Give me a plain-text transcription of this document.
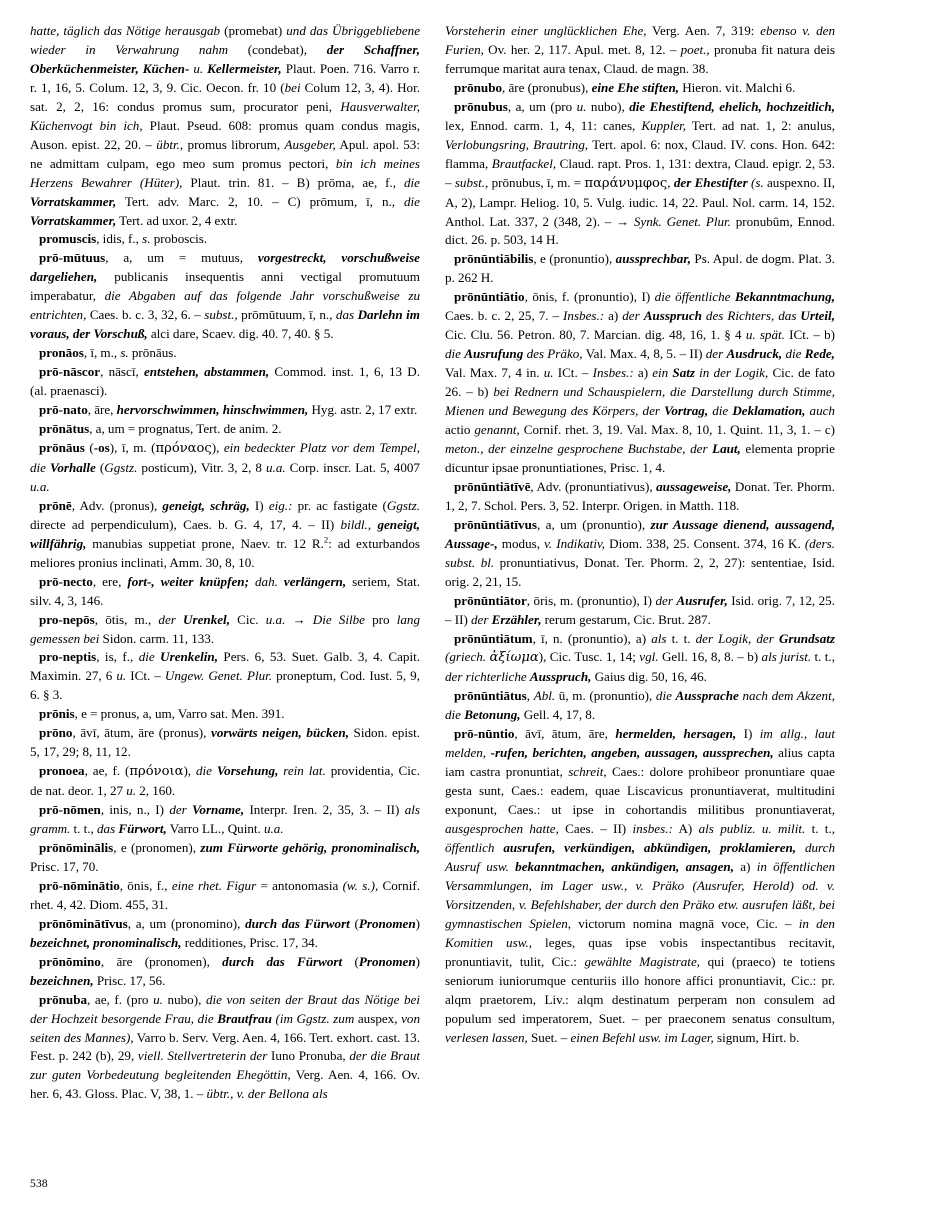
hatte, täglich das Nötige herausgab (promebat) und das Übriggebliebene wieder in Verwahrung nahm (condebat), der Schaffner, Oberküchenmeister, Küchen- u. Kellermeister, Plaut. Poen. 716. Varro r. r. 1, 16, 5. Colum. 12, 3, 9. Cic. Oecon. fr. 10 (bei Colum 12, 3, 4). Hor. sat. 2, 2, 16: condus promus sum, procurator peni, Hausverwalter, Küchenvogt bin ich, Plaut. Pseud. 608: promus quam condus magis, Auson. epist. 22, 20. – übtr., promus librorum, Ausgeber, Apul. apol. 53: ne admittam culpam, ego meo sum promus pectori, bin ich meines Herzens Bewahrer (Hüter), Plaut. trin. 81. – B) prōma, ae, f., die Vorratskammer, Tert. adv. Marc. 2, 10. – C) prōmum, ī, n., die Vorratskammer, Tert. ad uxor. 2, 4 extr.

promuscis, idis, f., s. proboscis.

prō-mūtuus, a, um = mutuus, vorgestreckt, vorschußweise dargeliehen, publicanis insequentis anni vectigal promutuum imperabatur, die Abgaben auf das folgende Jahr vorschußweise zu entrichten, Caes. b. c. 3, 32, 6. – subst., prōmūtuum, ī, n., das Darlehn im voraus, der Vorschuß, alci dare, Scaev. dig. 40. 7, 40. § 5.

pronāos, ī, m., s. prōnāus.

prō-nāscor, nāscī, entstehen, abstammen, Commod. inst. 1, 6, 13 D. (al. praenasci).

prō-nato, āre, hervorschwimmen, hinschwimmen, Hyg. astr. 2, 17 extr.

prōnātus, a, um = prognatus, Tert. de anim. 2.

prōnāus (-os), ī, m. (πρόναος), ein bedeckter Platz vor dem Tempel, die Vorhalle (Ggstz. posticum), Vitr. 3, 2, 8 u.a. Corp. inscr. Lat. 5, 4007 u.a.

prōnē, Adv. (pronus), geneigt, schräg, I) eig.: pr. ac fastigate (Ggstz. directe ad perpendiculum), Caes. b. G. 4, 17, 4. – II) bildl., geneigt, willfährig, manubias suppetiat prone, Naev. tr. 12 R.$^2$: ad exturbandos meliores pronius inclinati, Amm. 30, 8, 10.

prō-necto, ere, fort-, weiter knüpfen; dah. verlängern, seriem, Stat. silv. 4, 3, 146.

pro-nepōs, ōtis, m., der Urenkel, Cic. u.a. → Die Silbe pro lang gemessen bei Sidon. carm. 11, 133.

pro-neptis, is, f., die Urenkelin, Pers. 6, 53. Suet. Galb. 3, 4. Capit. Maximin. 27, 6 u. ICt. – Ungew. Genet. Plur. proneptum, Cod. Iust. 5, 9, 6. § 3.

prōnis, e = pronus, a, um, Varro sat. Men. 391.

prōno, āvī, ātum, āre (pronus), vorwärts neigen, bücken, Sidon. epist. 5, 17, 29; 8, 11, 12.

pronoea, ae, f. (πρόνοια), die Vorsehung, rein lat. providentia, Cic. de nat. deor. 1, 27 u. 2, 160.

prō-nōmen, inis, n., I) der Vorname, Interpr. Iren. 2, 35, 3. – II) als gramm. t. t., das Fürwort, Varro LL., Quint. u.a.

prōnōminālis, e (pronomen), zum Fürworte gehörig, pronominalisch, Prisc. 17, 70.

prō-nōminātio, ōnis, f., eine rhet. Figur = antonomasia (w. s.), Cornif. rhet. 4, 42. Diom. 455, 31.

prōnōminātīvus, a, um (pronomino), durch das Fürwort (Pronomen) bezeichnet, pronominalisch, redditiones, Prisc. 17, 34.

prōnōmino, āre (pronomen), durch das Fürwort (Pronomen) bezeichnen, Prisc. 17, 56.

prōnuba, ae, f. (pro u. nubo), die von seiten der Braut das Nötige bei der Hochzeit besorgende Frau, die Brautfrau (im Ggstz. zum auspex, von seiten des Mannes), Varro b. Serv. Verg. Aen. 4, 166. Tert. exhort. cast. 13. Fest. p. 242 (b), 29, viell. Stellvertreterin der Iuno Pronuba, der die Braut zur guten Vorbedeutung begleitenden Ehegöttin, Verg. Aen. 4, 166. Ov. her. 6, 43. Gloss. Plac. V, 38, 1. – übtr., v. der Bellona als

Vorsteherin einer unglücklichen Ehe, Verg. Aen. 7, 319: ebenso v. den Furien, Ov. her. 2, 117. Apul. met. 8, 12. – poet., pronuba fit natura deis ferrumque maritat aura tenax, Claud. de magn. 38.

prōnubo, āre (pronubus), eine Ehe stiften, Hieron. vit. Malchi 6.

prōnubus, a, um (pro u. nubo), die Ehestiftend, ehelich, hochzeitlich, lex, Ennod. carm. 1, 4, 11: canes, Kuppler, Tert. ad nat. 1, 2: anulus, Verlobungsring, Brautring, Tert. apol. 6: nox, Claud. IV. cons. Hon. 642: flamma, Brautfackel, Claud. rapt. Pros. 1, 131: dextra, Claud. epigr. 2, 53. – subst., prōnubus, ī, m. = παράνυμφος, der Ehestifter (s. auspexno. II, A, 2), Lampr. Heliog. 10, 5. Vulg. iudic. 14, 22. Paul. Nol. carm. 14, 152. Anthol. Lat. 337, 2 (348, 2). – → Synk. Genet. Plur. pronubûm, Ennod. dict. 26. p. 503, 14 H.

prōnūntiābilis, e (pronuntio), aussprechbar, Ps. Apul. de dogm. Plat. 3. p. 262 H.

prōnūntiātio, ōnis, f. (pronuntio), I) die öffentliche Bekanntmachung, Caes. b. c. 2, 25, 7. – Insbes.: a) der Ausspruch des Richters, das Urteil, Cic. Clu. 56. Petron. 80, 7. Marcian. dig. 48, 16, 1. § 4 u. spät. ICt. – b) die Ausrufung des Präko, Val. Max. 4, 8, 5. – II) der Ausdruck, die Rede, Val. Max. 7, 4 in. u. ICt. – Insbes.: a) ein Satz in der Logik, Cic. de fato 26. – b) bei Rednern und Schauspielern, die Darstellung durch Stimme, Mienen und Bewegung des Körpers, der Vortrag, die Deklamation, auch actio genannt, Cornif. rhet. 3, 19. Val. Max. 8, 10, 1. Quint. 11, 3, 1. – c) meton., der einzelne gesprochene Buchstabe, der Laut, elementa proprie dicuntur ipsae pronuntiationes, Prisc. 1, 4.

prōnūntiātīvē, Adv. (pronuntiativus), aussageweise, Donat. Ter. Phorm. 1, 2, 7. Schol. Pers. 3, 52. Interpr. Origen. in Matth. 118.

prōnūntiātīvus, a, um (pronuntio), zur Aussage dienend, aussagend, Aussage-, modus, v. Indikativ, Diom. 338, 25. Consent. 374, 16 K. (ders. subst. bl. pronuntiativus, Donat. Ter. Phorm. 2, 2, 27): sententiae, Isid. orig. 2, 21, 15.

prōnūntiātor, ōris, m. (pronuntio), I) der Ausrufer, Isid. orig. 7, 12, 25. – II) der Erzähler, rerum gestarum, Cic. Brut. 287.

prōnūntiātum, ī, n. (pronuntio), a) als t. t. der Logik, der Grundsatz (griech. ἀξίωμα), Cic. Tusc. 1, 14; vgl. Gell. 16, 8, 8. – b) als jurist. t. t., der richterliche Ausspruch, Gaius dig. 50, 16, 46.

prōnūntiātus, Abl. ū, m. (pronuntio), die Aussprache nach dem Akzent, die Betonung, Gell. 4, 17, 8.

prō-nūntio, āvī, ātum, āre, hermelden, hersagen, I) im allg., laut melden, -rufen, berichten, angeben, aussagen, aussprechen, alius capta iam castra pronuntiat, schreit, Caes.: dolore prohibeor pronuntiare quae gesta sunt, Caes.: eadem, quae Liscavicus pronuntiaverat, multitudini exponunt, Caes.: ut ipse in cohortandis militibus pronuntiaverat, ausgesprochen hatte, Caes. – II) insbes.: A) als publiz. u. milit. t. t., öffentlich ausrufen, verkündigen, abkündigen, proklamieren, durch Ausruf usw. bekanntmachen, ankündigen, ansagen, a) in öffentlichen Versammlungen, im Lager usw., v. Präko (Ausrufer, Herold) od. v. Vorsitzenden, v. Befehlshaber, der durch den Präko etw. ausrufen läßt, bei gymnastischen Spielen, victorum nomina magnā voce, Cic. – in den Komitien usw., leges, quas ipse vobis inspectantibus recitavit, pronuntiavit, tulit, Cic.: gewählte Magistrate, qui (praeco) te totiens seniorum iuniorumque centuriis illo honore affici pronuntiavit, Cic.: pr. alqm praetorem, Liv.: alqm destinatum perperam non consulem ad populum sed imperatorem, Suet. – per praeconem senatus consultum, verlesen lassen, Suet. – einen Befehl usw. im Lager, signum, Hirt. b.

538
